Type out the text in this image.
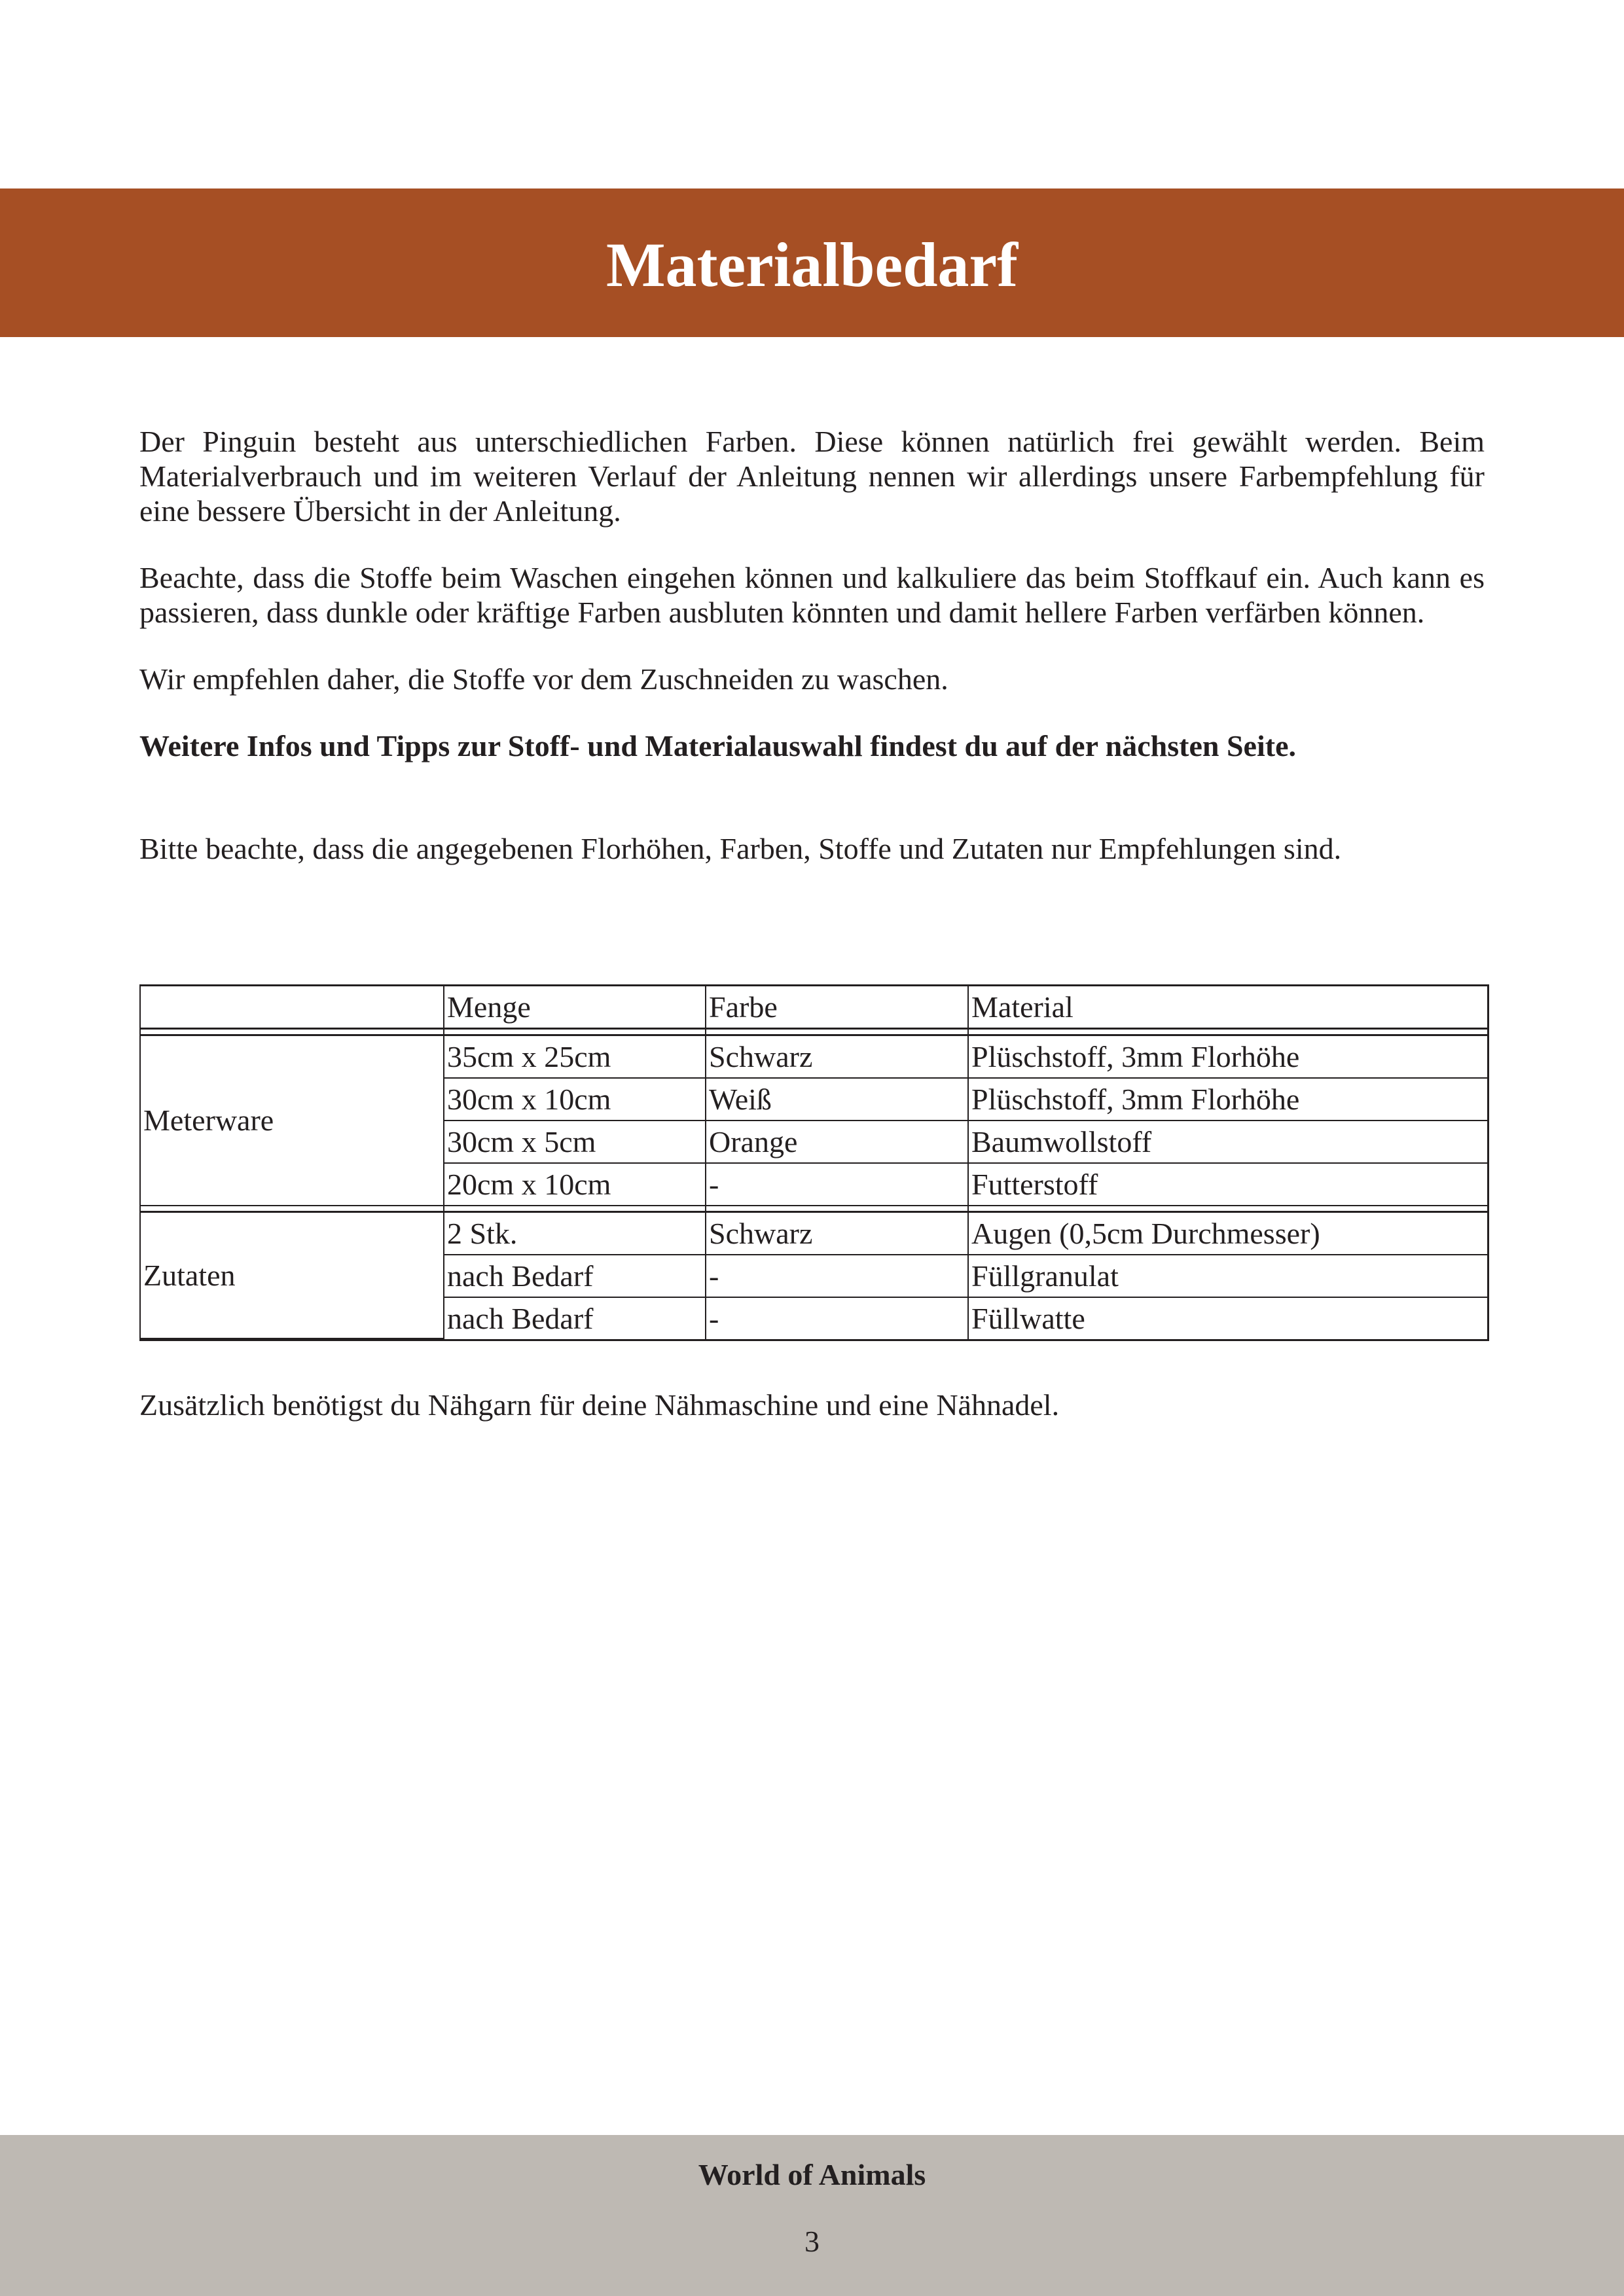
Materialbedarf

Der Pinguin besteht aus unterschiedlichen Farben. Diese können natürlich frei gewählt werden. Beim Materialverbrauch und im weiteren Verlauf der Anleitung nennen wir allerdings unsere Farbempfehlung für eine bessere Übersicht in der Anleitung.

Beachte, dass die Stoffe beim Waschen eingehen können und kalkuliere das beim Stoffkauf ein. Auch kann es passieren, dass dunkle oder kräftige Farben ausbluten könnten und damit hellere Farben verfärben können.

Wir empfehlen daher, die Stoffe vor dem Zuschneiden zu waschen.

Weitere Infos und Tipps zur Stoff- und Materialauswahl findest du auf der nächsten Seite.

Bitte beachte, dass die angegebenen Florhöhen, Farben, Stoffe und Zutaten nur Empfehlungen sind.

	Menge	Farbe	Material

Meterware	35cm x 25cm	Schwarz	Plüschstoff, 3mm Florhöhe
	30cm x 10cm	Weiß	Plüschstoff, 3mm Florhöhe
	30cm x 5cm	Orange	Baumwollstoff
	20cm x 10cm	-	Futterstoff

Zutaten	2 Stk.	Schwarz	Augen (0,5cm Durchmesser)
	nach Bedarf	-	Füllgranulat
	nach Bedarf	-	Füllwatte

Zusätzlich benötigst du Nähgarn für deine Nähmaschine und eine Nähnadel.

World of Animals
3
